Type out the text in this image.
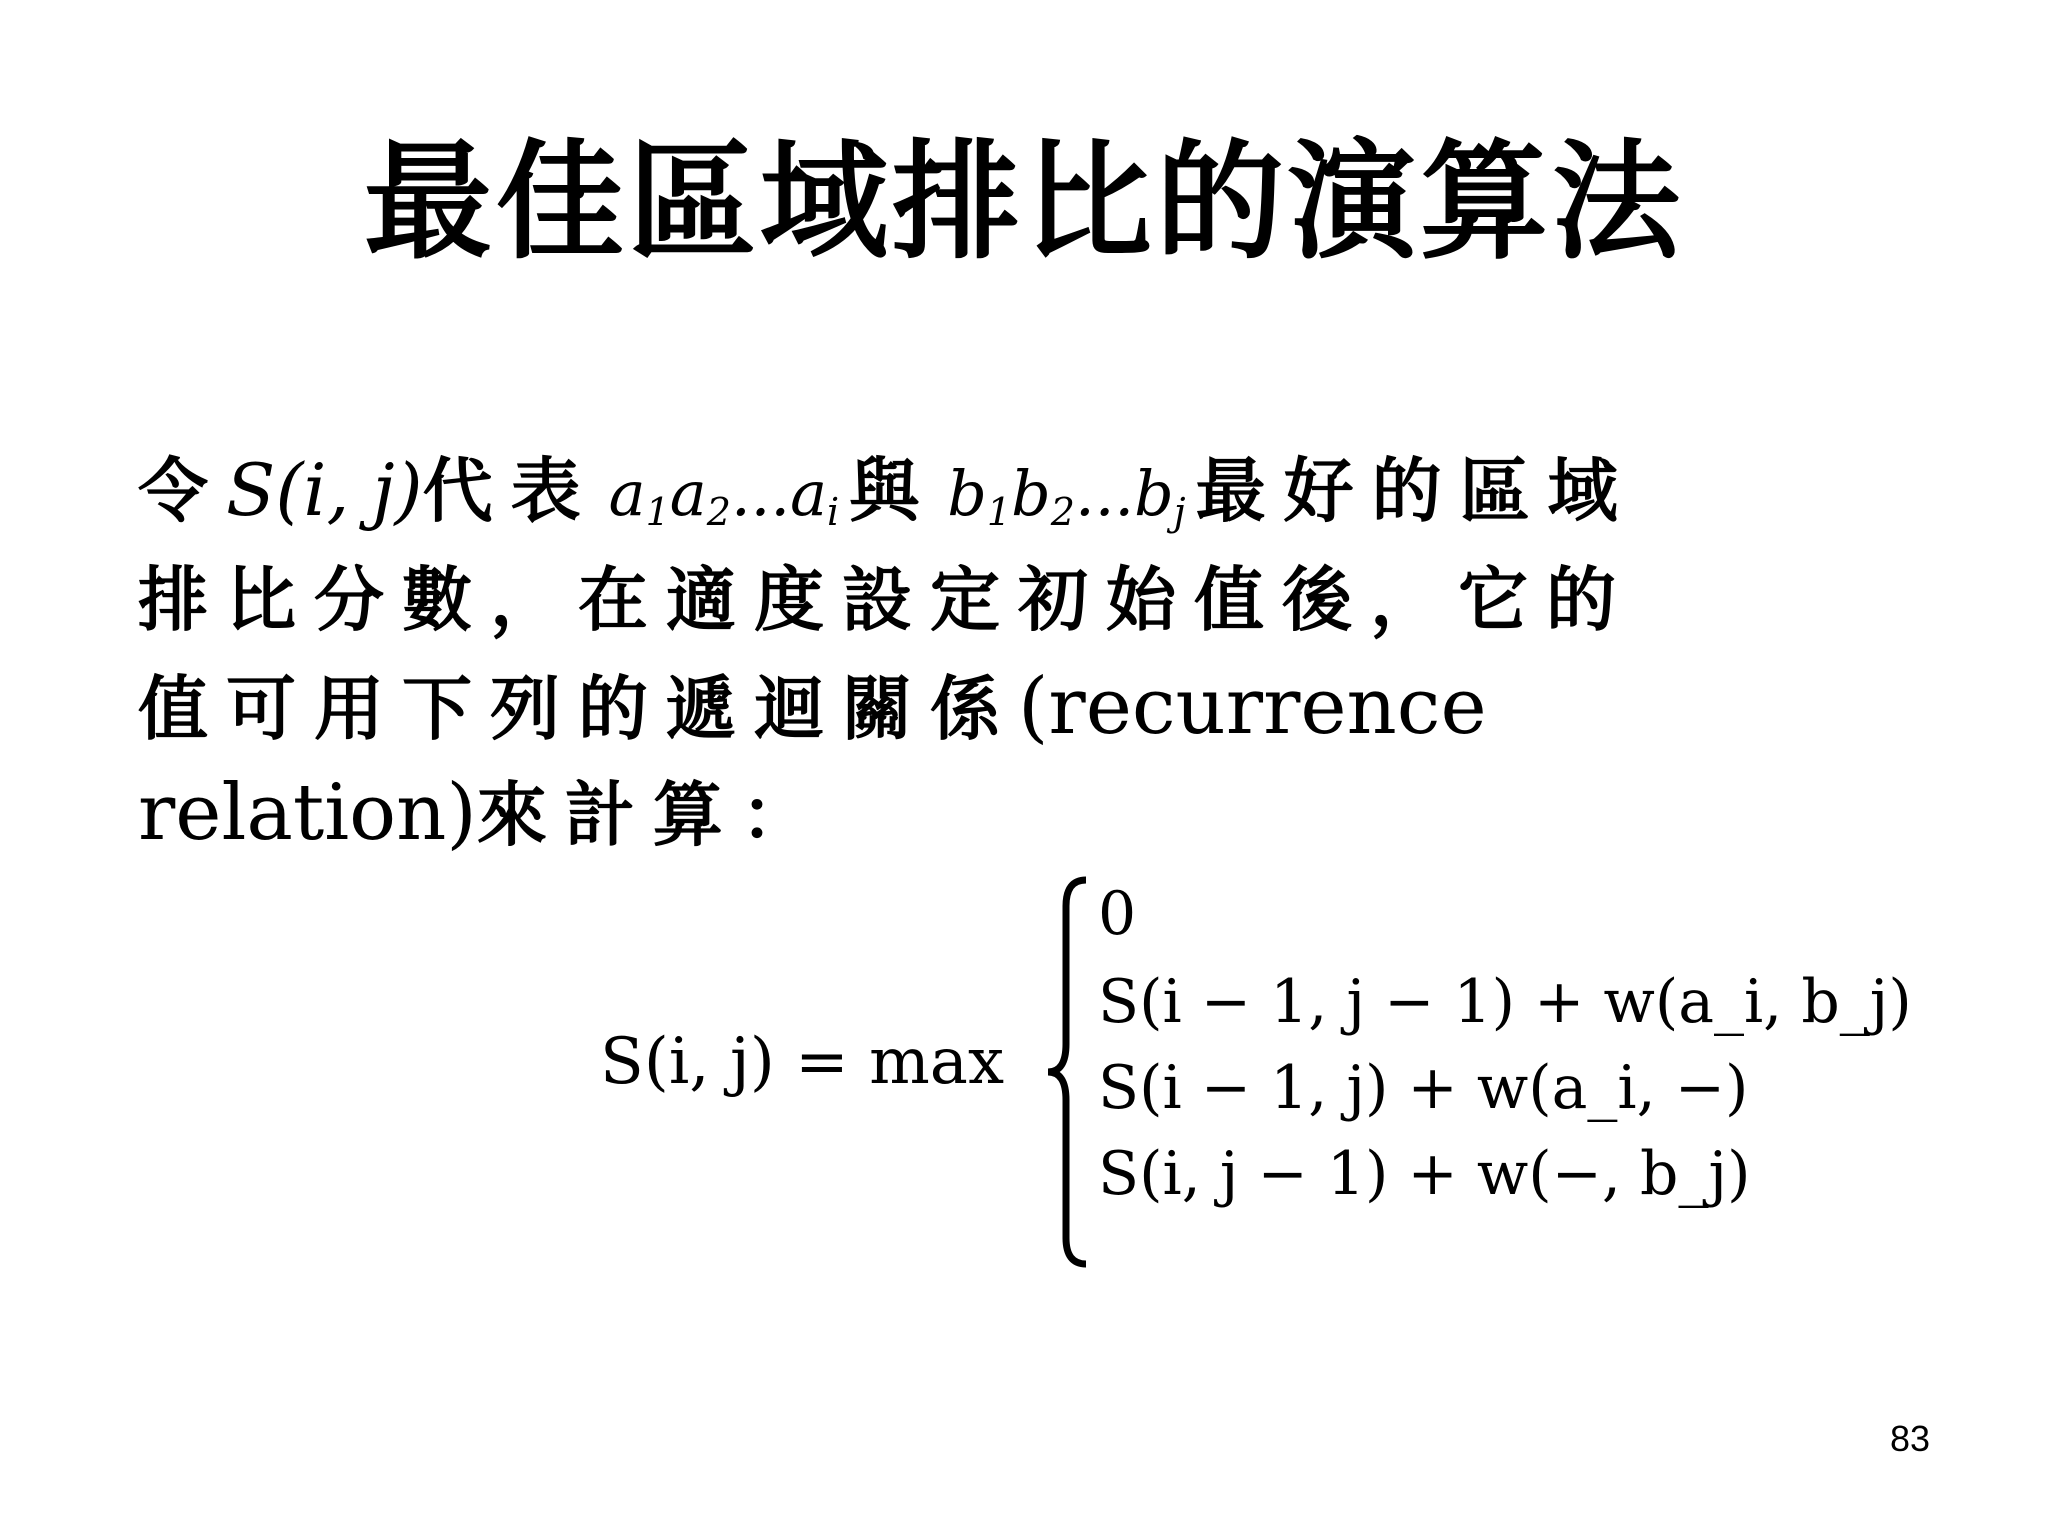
最佳區域排比的演算法
令S(i, j)代表 $a_1a_2...a_i$ 與 $b_1b_2...b_j$ 最好的區域
排比分數，在適度設定初始值後，它的
值可用下列的遞迴關係(recurrence
relation)來計算：
S(i, j) = max
0
S(i − 1, j − 1) + w(a_i, b_j)
S(i − 1, j) + w(a_i, −)
S(i, j − 1) + w(−, b_j)
83
